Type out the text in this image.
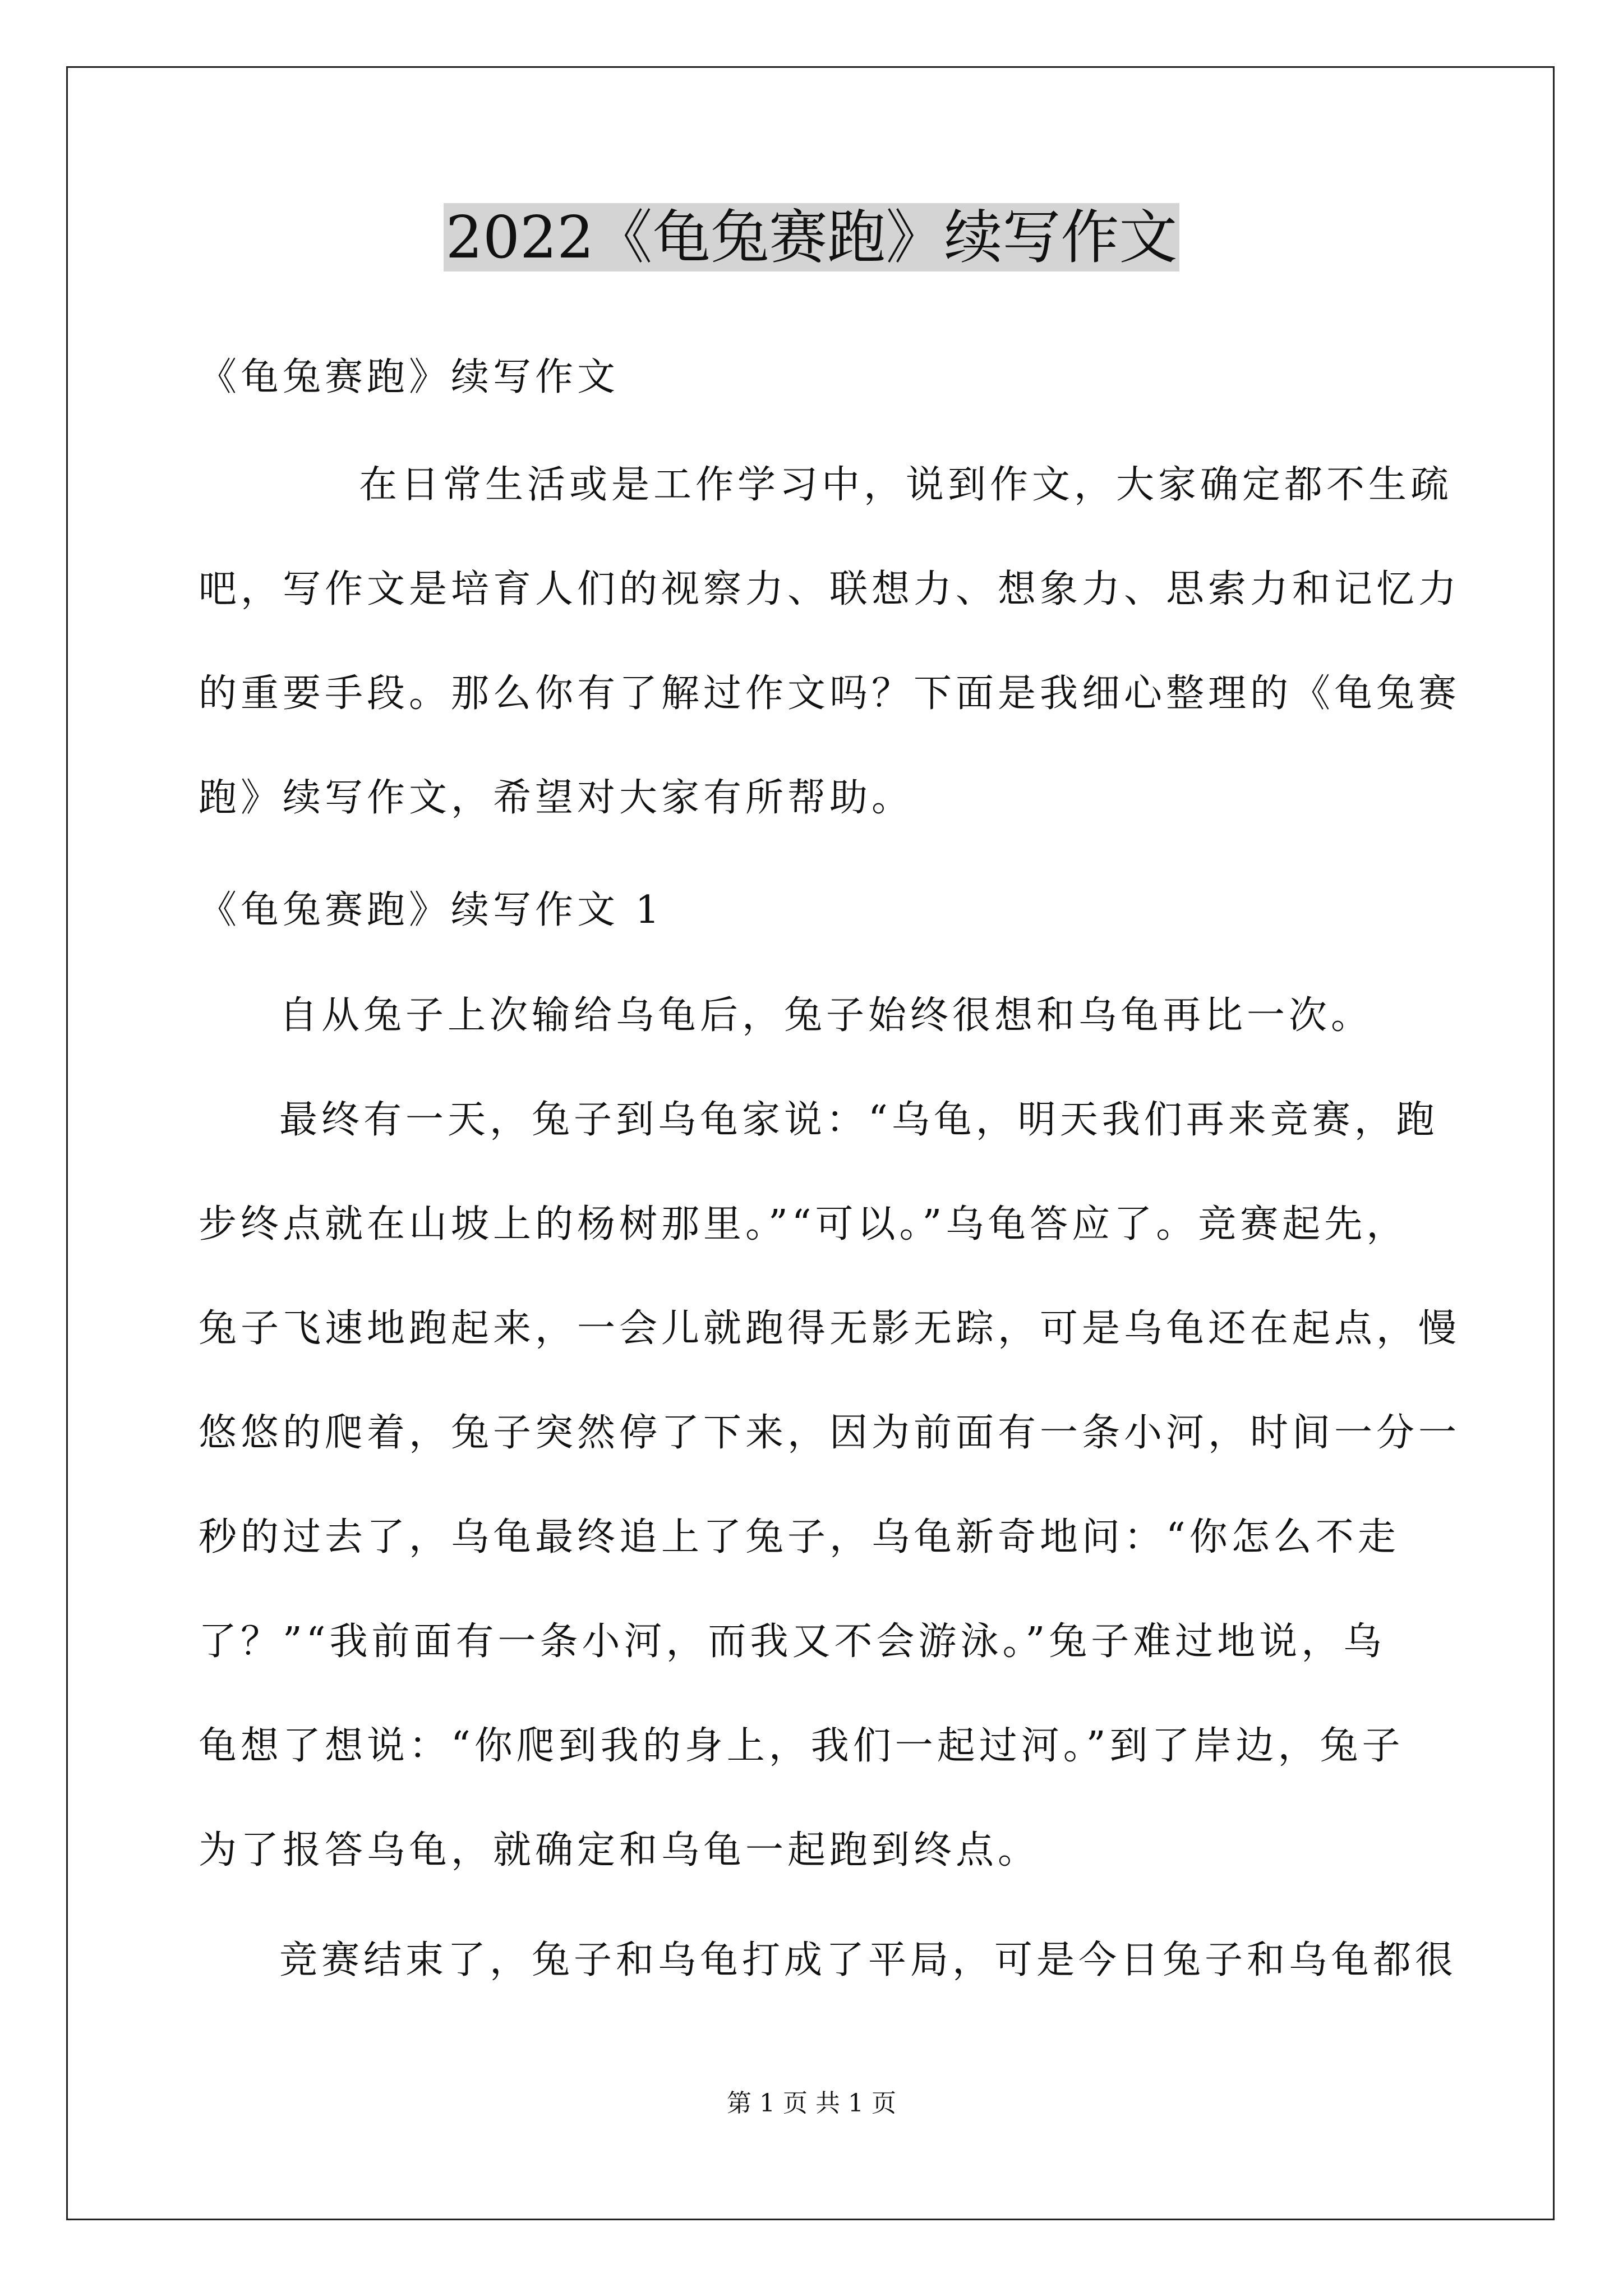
2022《龟兔赛跑》续写作文
《龟兔赛跑》续写作文
在日常生活或是工作学习中，说到作文，大家确定都不生疏
吧，写作文是培育人们的视察力、联想力、想象力、思索力和记忆力
的重要手段。那么你有了解过作文吗？下面是我细心整理的《龟兔赛
跑》续写作文，希望对大家有所帮助。
《龟兔赛跑》续写作文 1
自从兔子上次输给乌龟后，兔子始终很想和乌龟再比一次。
最终有一天，兔子到乌龟家说：“乌龟，明天我们再来竞赛，跑
步终点就在山坡上的杨树那里。”“可以。”乌龟答应了。竞赛起先，
兔子飞速地跑起来，一会儿就跑得无影无踪，可是乌龟还在起点，慢
悠悠的爬着，兔子突然停了下来，因为前面有一条小河，时间一分一
秒的过去了，乌龟最终追上了兔子，乌龟新奇地问：“你怎么不走
了？”“我前面有一条小河，而我又不会游泳。”兔子难过地说，乌
龟想了想说：“你爬到我的身上，我们一起过河。”到了岸边，兔子
为了报答乌龟，就确定和乌龟一起跑到终点。
竞赛结束了，兔子和乌龟打成了平局，可是今日兔子和乌龟都很
第 1 页 共 1 页
